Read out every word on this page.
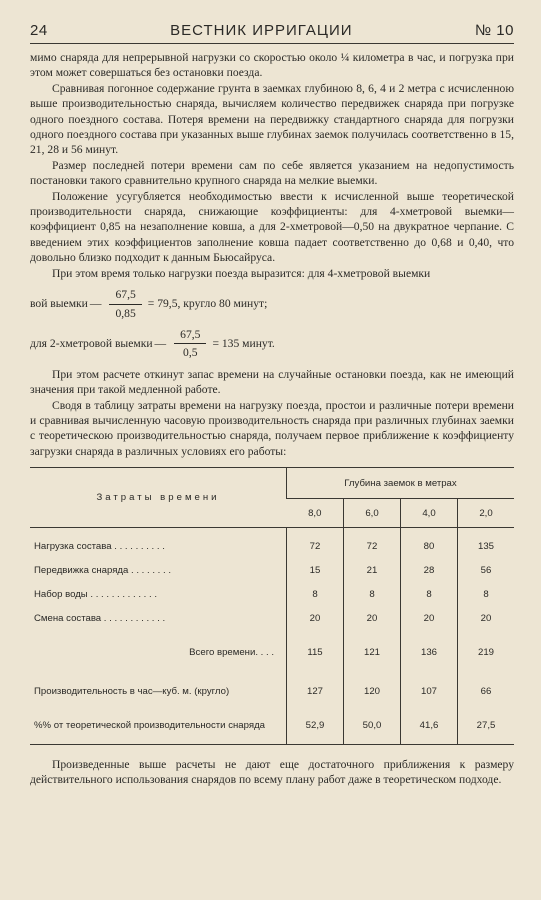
24	ВЕСТНИК ИРРИГАЦИИ	№ 10

мимо снаряда для непрерывной нагрузки со скоростью около ¼ километра в час, и погрузка при этом может совершаться без остановки поезда.

Сравнивая погонное содержание грунта в заемках глубиною 8, 6, 4 и 2 метра с исчисленною выше производительностью снаряда, вычисляем количество передвижек снаряда при погрузке одного поездного состава. Потеря времени на передвижку стандартного снаряда для погрузки одного поездного состава при указанных выше глубинах заемок получилась соответственно в 15, 21, 28 и 56 минут.

Размер последней потери времени сам по себе является указанием на недопустимость постановки такого сравнительно крупного снаряда на мелкие выемки.

Положение усугубляется необходимостью ввести к исчисленной выше теоретической производительности снаряда, снижающие коэффициенты: для 4-хметровой выемки—коэффициент 0,85 на незаполнение ковша, а для 2-хметровой—0,50 на двукратное черпание. С введением этих коэффициентов заполнение ковша падает соответственно до 0,68 и 0,40, что довольно близко подходит к данным Бьюсайруса.

При этом время только нагрузки поезда выразится: для 4-хметровой выемки

вой выемки — $\frac{67,5}{0,85} = 79,5$, кругло 80 минут;
для 2-хметровой выемки — $\frac{67,5}{0,5} = 135$ минут.

При этом расчете откинут запас времени на случайные остановки поезда, как не имеющий значения при такой медленной работе.

Сводя в таблицу затраты времени на нагрузку поезда, простои и различные потери времени и сравнивая вычисленную часовую производительность снаряда при различных глубинах заемки с теоретическою производительностью снаряда, получаем первое приближение к коэффициенту загрузки снаряда в различных условиях его работы:

Затраты времени	Глубина заемок в метрах			
	8,0	6,0	4,0	2,0
Нагрузка состава . . . . . . . . . .	72	72	80	135
Передвижка снаряда . . . . . . . .	15	21	28	56
Набор воды . . . . . . . . . . . . .	8	8	8	8
Смена состава . . . . . . . . . . . .	20	20	20	20
Всего времени. . . .	115	121	136	219
Производительность в час—куб. м. (кругло)	127	120	107	66
%% от теоретической производительности снаряда	52,9	50,0	41,6	27,5

Произведенные выше расчеты не дают еще достаточного приближения к размеру действительного использования снарядов по всему плану работ даже в теоретическом подходе.
